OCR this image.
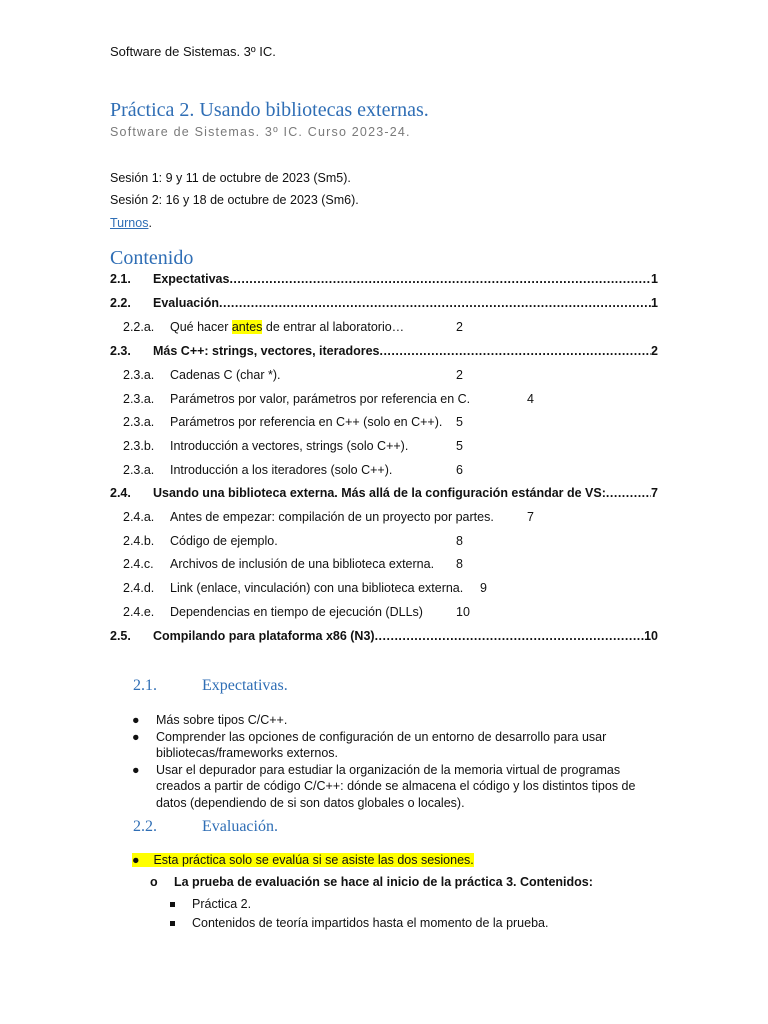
Software de Sistemas. 3º IC.
Práctica 2. Usando bibliotecas externas.
Software de Sistemas. 3º IC. Curso 2023-24.
Sesión 1: 9 y 11 de octubre de 2023 (Sm5).
Sesión 2: 16 y 18 de octubre de 2023 (Sm6).
Turnos.
Contenido
2.1.	Expectativas .....	1
2.2.	Evaluación .....	1
2.2.a. Qué hacer antes de entrar al laboratorio…	2
2.3.	Más C++: strings, vectores, iteradores .....	2
2.3.a. Cadenas C (char *).	2
2.3.a. Parámetros por valor, parámetros por referencia en C.	4
2.3.a. Parámetros por referencia en C++ (solo en C++). 5
2.3.b. Introducción a vectores, strings (solo C++).	5
2.3.a. Introducción a los iteradores (solo C++).	6
2.4.	Usando una biblioteca externa. Más allá de la configuración estándar de VS: .....	7
2.4.a. Antes de empezar: compilación de un proyecto por partes.	7
2.4.b. Código de ejemplo.	8
2.4.c. Archivos de inclusión de una biblioteca externa. 8
2.4.d. Link (enlace, vinculación) con una biblioteca externa. 9
2.4.e. Dependencias en tiempo de ejecución (DLLs)	10
2.5.	Compilando para plataforma x86 (N3) .....	10
2.1.	Expectativas.
● Más sobre tipos C/C++.
● Comprender las opciones de configuración de un entorno de desarrollo para usar bibliotecas/frameworks externos.
● Usar el depurador para estudiar la organización de la memoria virtual de programas creados a partir de código C/C++: dónde se almacena el código y los distintos tipos de datos (dependiendo de si son datos globales o locales).
2.2.	Evaluación.
●    Esta práctica solo se evalúa si se asiste las dos sesiones.
o La prueba de evaluación se hace al inicio de la práctica 3. Contenidos:
Práctica 2.
Contenidos de teoría impartidos hasta el momento de la prueba.
